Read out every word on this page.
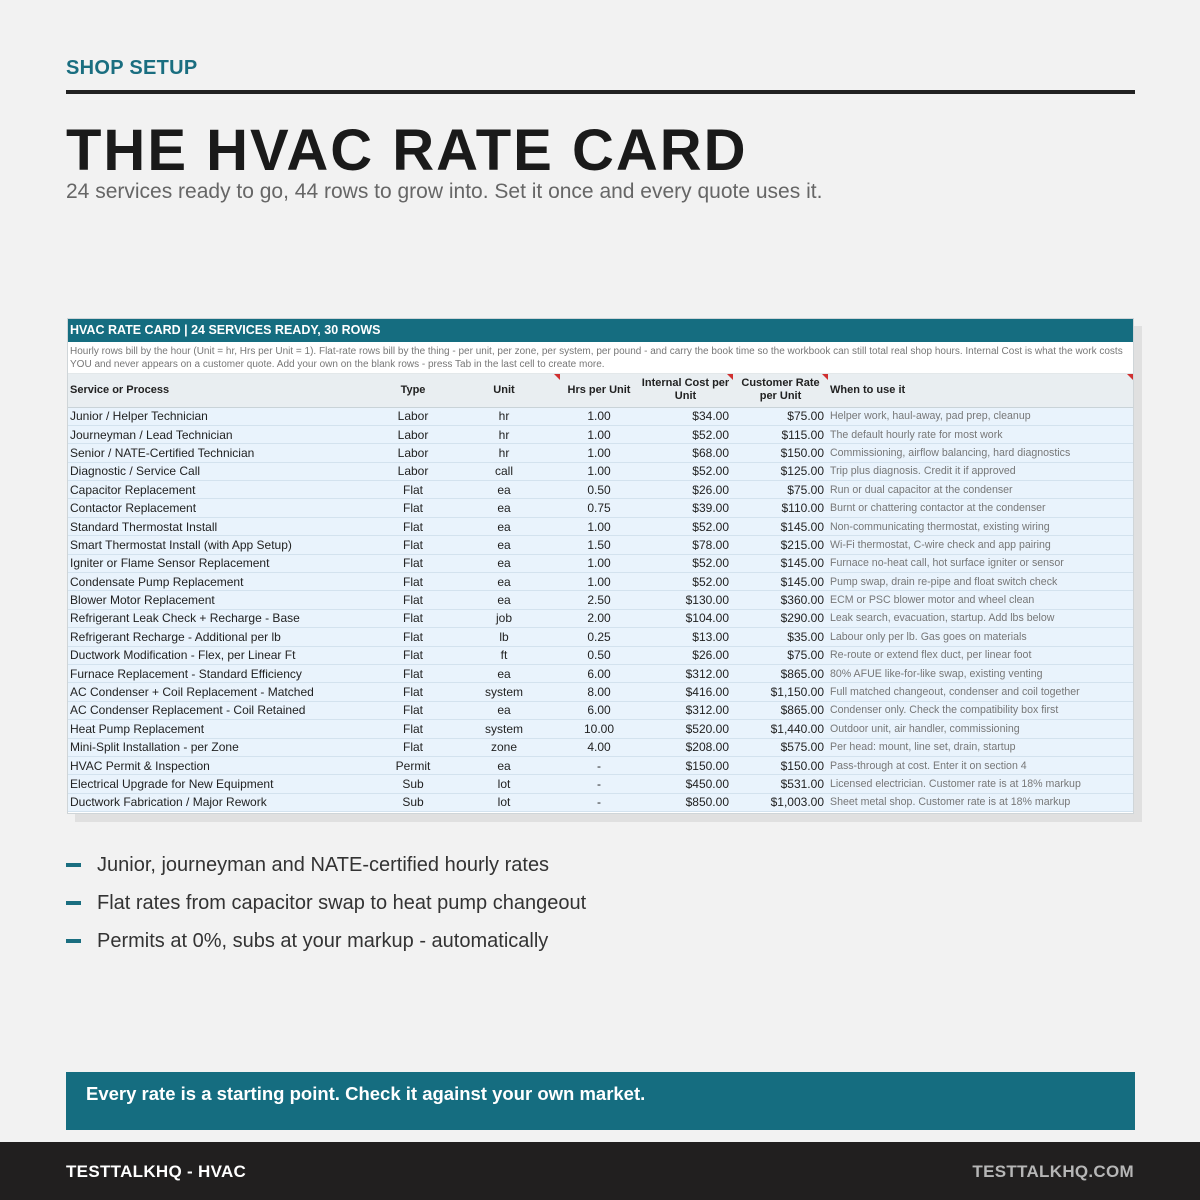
SHOP SETUP
THE HVAC RATE CARD
24 services ready to go, 44 rows to grow into. Set it once and every quote uses it.
HVAC RATE CARD | 24 SERVICES READY, 30 ROWS
Hourly rows bill by the hour (Unit = hr, Hrs per Unit = 1). Flat-rate rows bill by the thing - per unit, per zone, per system, per pound - and carry the book time so the workbook can still total real shop hours. Internal Cost is what the work costs YOU and never appears on a customer quote. Add your own on the blank rows - press Tab in the last cell to create more.
Service or Process	Type	Unit	Hrs per Unit	Internal Cost per Unit	Customer Rate per Unit	When to use it
Junior / Helper Technician	Labor	hr	1.00	$34.00	$75.00	Helper work, haul-away, pad prep, cleanup
Journeyman / Lead Technician	Labor	hr	1.00	$52.00	$115.00	The default hourly rate for most work
Senior / NATE-Certified Technician	Labor	hr	1.00	$68.00	$150.00	Commissioning, airflow balancing, hard diagnostics
Diagnostic / Service Call	Labor	call	1.00	$52.00	$125.00	Trip plus diagnosis. Credit it if approved
Capacitor Replacement	Flat	ea	0.50	$26.00	$75.00	Run or dual capacitor at the condenser
Contactor Replacement	Flat	ea	0.75	$39.00	$110.00	Burnt or chattering contactor at the condenser
Standard Thermostat Install	Flat	ea	1.00	$52.00	$145.00	Non-communicating thermostat, existing wiring
Smart Thermostat Install (with App Setup)	Flat	ea	1.50	$78.00	$215.00	Wi-Fi thermostat, C-wire check and app pairing
Igniter or Flame Sensor Replacement	Flat	ea	1.00	$52.00	$145.00	Furnace no-heat call, hot surface igniter or sensor
Condensate Pump Replacement	Flat	ea	1.00	$52.00	$145.00	Pump swap, drain re-pipe and float switch check
Blower Motor Replacement	Flat	ea	2.50	$130.00	$360.00	ECM or PSC blower motor and wheel clean
Refrigerant Leak Check + Recharge - Base	Flat	job	2.00	$104.00	$290.00	Leak search, evacuation, startup. Add lbs below
Refrigerant Recharge - Additional per lb	Flat	lb	0.25	$13.00	$35.00	Labour only per lb. Gas goes on materials
Ductwork Modification - Flex, per Linear Ft	Flat	ft	0.50	$26.00	$75.00	Re-route or extend flex duct, per linear foot
Furnace Replacement - Standard Efficiency	Flat	ea	6.00	$312.00	$865.00	80% AFUE like-for-like swap, existing venting
AC Condenser + Coil Replacement - Matched	Flat	system	8.00	$416.00	$1,150.00	Full matched changeout, condenser and coil together
AC Condenser Replacement - Coil Retained	Flat	ea	6.00	$312.00	$865.00	Condenser only. Check the compatibility box first
Heat Pump Replacement	Flat	system	10.00	$520.00	$1,440.00	Outdoor unit, air handler, commissioning
Mini-Split Installation - per Zone	Flat	zone	4.00	$208.00	$575.00	Per head: mount, line set, drain, startup
HVAC Permit & Inspection	Permit	ea	-	$150.00	$150.00	Pass-through at cost. Enter it on section 4
Electrical Upgrade for New Equipment	Sub	lot	-	$450.00	$531.00	Licensed electrician. Customer rate is at 18% markup
Ductwork Fabrication / Major Rework	Sub	lot	-	$850.00	$1,003.00	Sheet metal shop. Customer rate is at 18% markup
Junior, journeyman and NATE-certified hourly rates
Flat rates from capacitor swap to heat pump changeout
Permits at 0%, subs at your markup - automatically
Every rate is a starting point. Check it against your own market.
TESTTALKHQ - HVAC	TESTTALKHQ.COM
